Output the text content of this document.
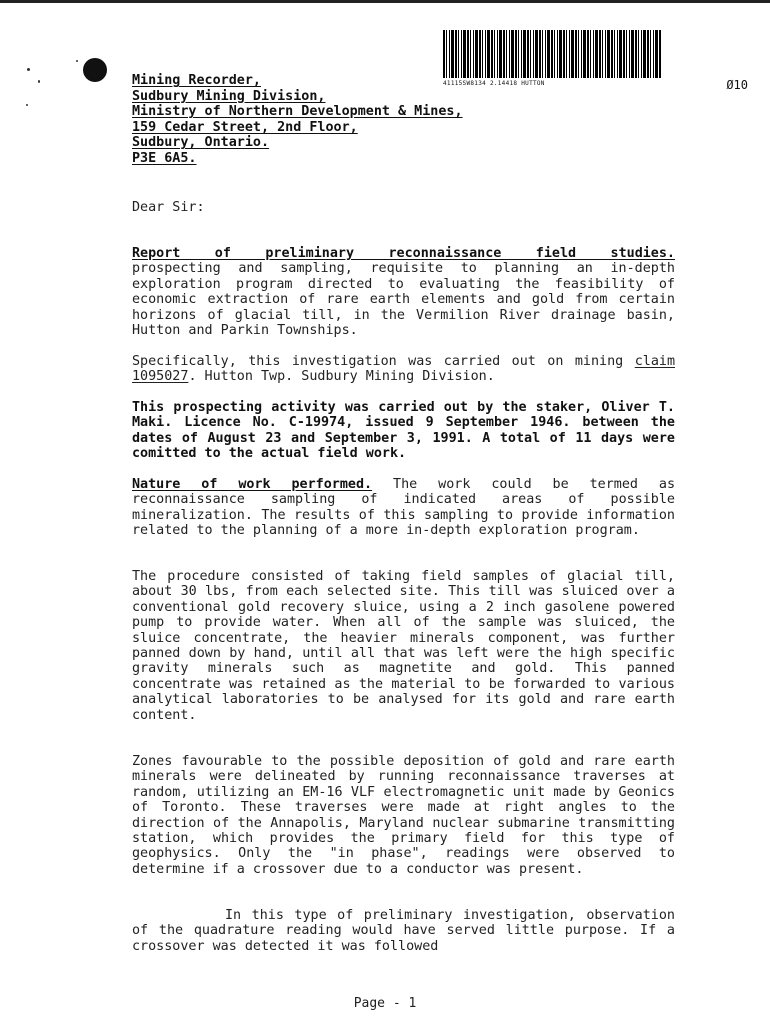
41115SW8134 2.14418 HUTTON	Ø10
Mining Recorder,
Sudbury Mining Division,
Ministry of Northern Development & Mines,
159 Cedar Street, 2nd Floor,
Sudbury, Ontario.
P3E 6A5.
Dear Sir:
Report of preliminary reconnaissance field studies. prospecting and sampling, requisite to planning an in-depth exploration program directed to evaluating the feasibility of economic extraction of rare earth elements and gold from certain horizons of glacial till, in the Vermilion River drainage basin, Hutton and Parkin Townships.
Specifically, this investigation was carried out on mining claim 1095027. Hutton Twp. Sudbury Mining Division.
This prospecting activity was carried out by the staker, Oliver T. Maki. Licence No. C-19974, issued 9 September 1946. between the dates of August 23 and September 3, 1991. A total of 11 days were comitted to the actual field work.
Nature of work performed. The work could be termed as reconnaissance sampling of indicated areas of possible mineralization. The results of this sampling to provide information related to the planning of a more in-depth exploration program.
The procedure consisted of taking field samples of glacial till, about 30 lbs, from each selected site. This till was sluiced over a conventional gold recovery sluice, using a 2 inch gasolene powered pump to provide water. When all of the sample was sluiced, the sluice concentrate, the heavier minerals component, was further panned down by hand, until all that was left were the high specific gravity minerals such as magnetite and gold. This panned concentrate was retained as the material to be forwarded to various analytical laboratories to be analysed for its gold and rare earth content.
Zones favourable to the possible deposition of gold and rare earth minerals were delineated by running reconnaissance traverses at random, utilizing an EM-16 VLF electromagnetic unit made by Geonics of Toronto. These traverses were made at right angles to the direction of the Annapolis, Maryland nuclear submarine transmitting station, which provides the primary field for this type of geophysics. Only the "in phase", readings were observed to determine if a crossover due to a conductor was present.
In this type of preliminary investigation, observation of the quadrature reading would have served little purpose. If a crossover was detected it was followed
Page - 1
